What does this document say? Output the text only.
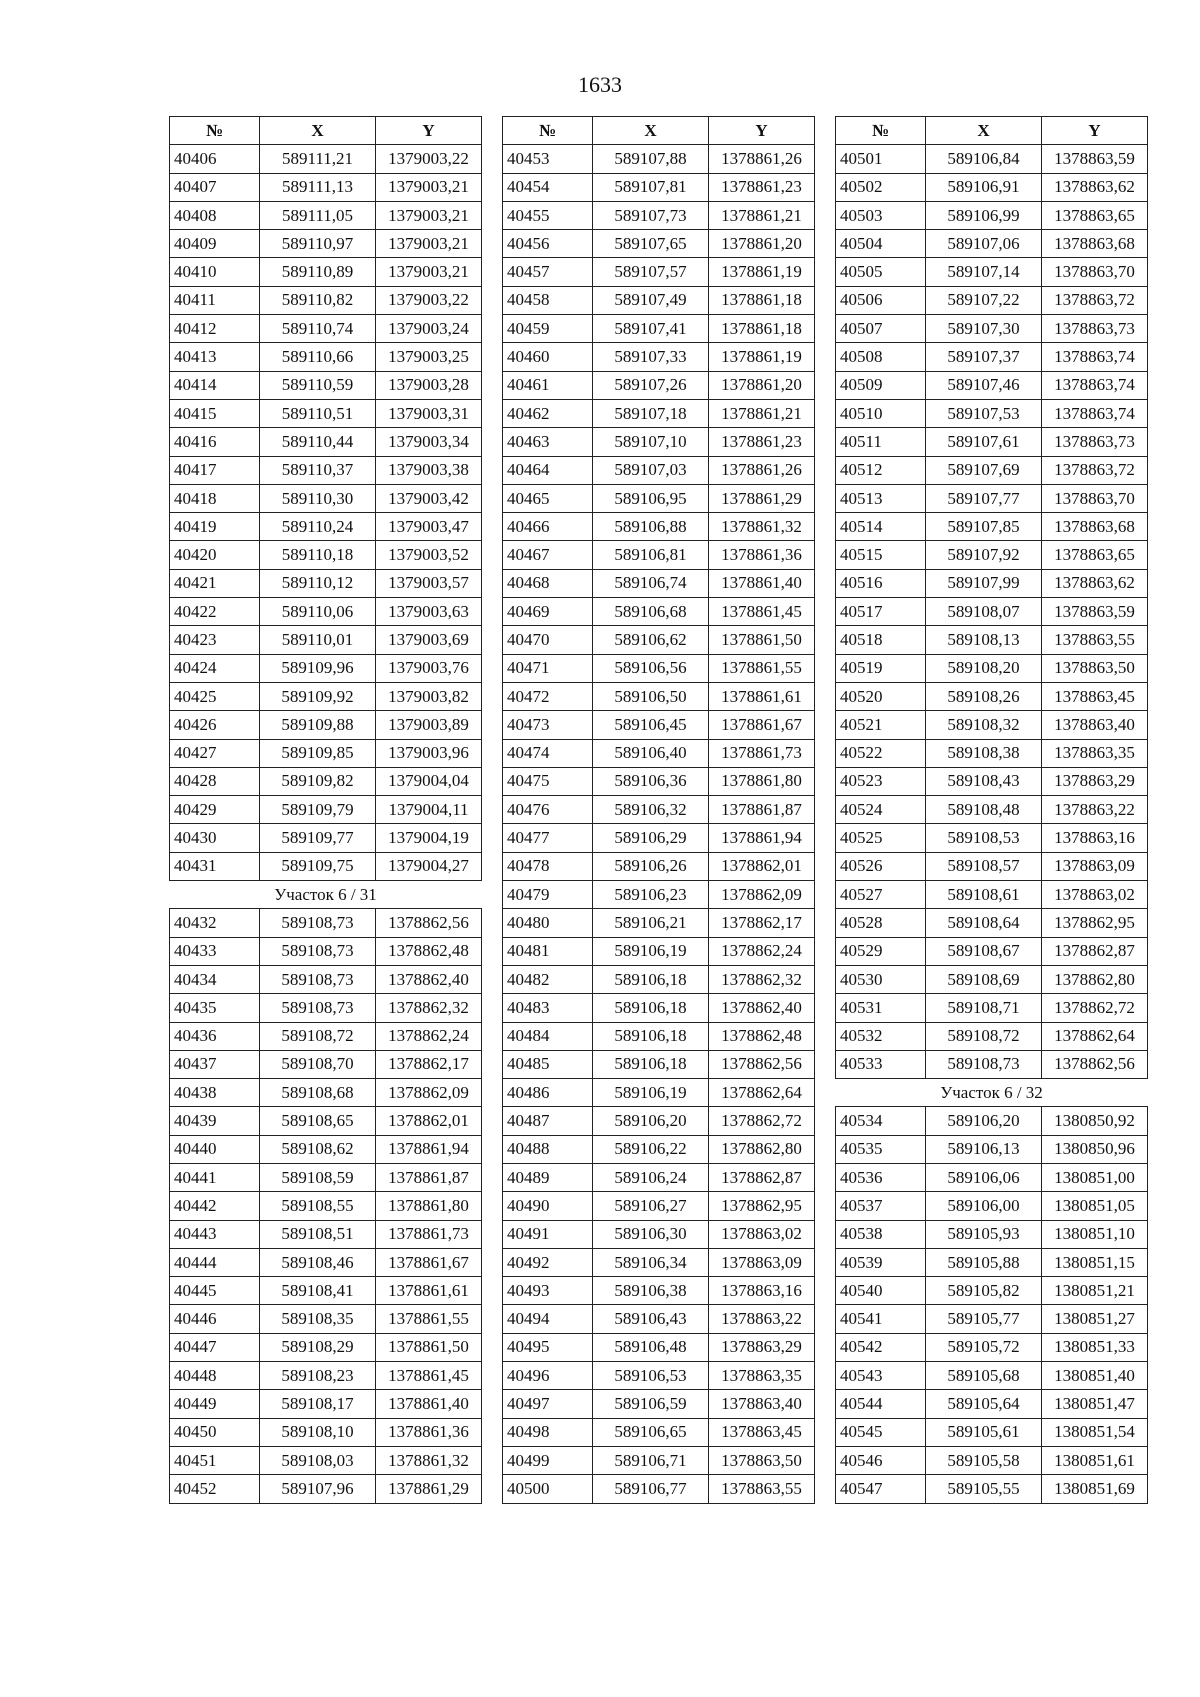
1633
№	X	Y
40406	589111,21	1379003,22
40407	589111,13	1379003,21
40408	589111,05	1379003,21
40409	589110,97	1379003,21
40410	589110,89	1379003,21
40411	589110,82	1379003,22
40412	589110,74	1379003,24
40413	589110,66	1379003,25
40414	589110,59	1379003,28
40415	589110,51	1379003,31
40416	589110,44	1379003,34
40417	589110,37	1379003,38
40418	589110,30	1379003,42
40419	589110,24	1379003,47
40420	589110,18	1379003,52
40421	589110,12	1379003,57
40422	589110,06	1379003,63
40423	589110,01	1379003,69
40424	589109,96	1379003,76
40425	589109,92	1379003,82
40426	589109,88	1379003,89
40427	589109,85	1379003,96
40428	589109,82	1379004,04
40429	589109,79	1379004,11
40430	589109,77	1379004,19
40431	589109,75	1379004,27
Участок 6 / 31		
40432	589108,73	1378862,56
40433	589108,73	1378862,48
40434	589108,73	1378862,40
40435	589108,73	1378862,32
40436	589108,72	1378862,24
40437	589108,70	1378862,17
40438	589108,68	1378862,09
40439	589108,65	1378862,01
40440	589108,62	1378861,94
40441	589108,59	1378861,87
40442	589108,55	1378861,80
40443	589108,51	1378861,73
40444	589108,46	1378861,67
40445	589108,41	1378861,61
40446	589108,35	1378861,55
40447	589108,29	1378861,50
40448	589108,23	1378861,45
40449	589108,17	1378861,40
40450	589108,10	1378861,36
40451	589108,03	1378861,32
40452	589107,96	1378861,29
№	X	Y
40453	589107,88	1378861,26
40454	589107,81	1378861,23
40455	589107,73	1378861,21
40456	589107,65	1378861,20
40457	589107,57	1378861,19
40458	589107,49	1378861,18
40459	589107,41	1378861,18
40460	589107,33	1378861,19
40461	589107,26	1378861,20
40462	589107,18	1378861,21
40463	589107,10	1378861,23
40464	589107,03	1378861,26
40465	589106,95	1378861,29
40466	589106,88	1378861,32
40467	589106,81	1378861,36
40468	589106,74	1378861,40
40469	589106,68	1378861,45
40470	589106,62	1378861,50
40471	589106,56	1378861,55
40472	589106,50	1378861,61
40473	589106,45	1378861,67
40474	589106,40	1378861,73
40475	589106,36	1378861,80
40476	589106,32	1378861,87
40477	589106,29	1378861,94
40478	589106,26	1378862,01
40479	589106,23	1378862,09
40480	589106,21	1378862,17
40481	589106,19	1378862,24
40482	589106,18	1378862,32
40483	589106,18	1378862,40
40484	589106,18	1378862,48
40485	589106,18	1378862,56
40486	589106,19	1378862,64
40487	589106,20	1378862,72
40488	589106,22	1378862,80
40489	589106,24	1378862,87
40490	589106,27	1378862,95
40491	589106,30	1378863,02
40492	589106,34	1378863,09
40493	589106,38	1378863,16
40494	589106,43	1378863,22
40495	589106,48	1378863,29
40496	589106,53	1378863,35
40497	589106,59	1378863,40
40498	589106,65	1378863,45
40499	589106,71	1378863,50
40500	589106,77	1378863,55
№	X	Y
40501	589106,84	1378863,59
40502	589106,91	1378863,62
40503	589106,99	1378863,65
40504	589107,06	1378863,68
40505	589107,14	1378863,70
40506	589107,22	1378863,72
40507	589107,30	1378863,73
40508	589107,37	1378863,74
40509	589107,46	1378863,74
40510	589107,53	1378863,74
40511	589107,61	1378863,73
40512	589107,69	1378863,72
40513	589107,77	1378863,70
40514	589107,85	1378863,68
40515	589107,92	1378863,65
40516	589107,99	1378863,62
40517	589108,07	1378863,59
40518	589108,13	1378863,55
40519	589108,20	1378863,50
40520	589108,26	1378863,45
40521	589108,32	1378863,40
40522	589108,38	1378863,35
40523	589108,43	1378863,29
40524	589108,48	1378863,22
40525	589108,53	1378863,16
40526	589108,57	1378863,09
40527	589108,61	1378863,02
40528	589108,64	1378862,95
40529	589108,67	1378862,87
40530	589108,69	1378862,80
40531	589108,71	1378862,72
40532	589108,72	1378862,64
40533	589108,73	1378862,56
Участок 6 / 32		
40534	589106,20	1380850,92
40535	589106,13	1380850,96
40536	589106,06	1380851,00
40537	589106,00	1380851,05
40538	589105,93	1380851,10
40539	589105,88	1380851,15
40540	589105,82	1380851,21
40541	589105,77	1380851,27
40542	589105,72	1380851,33
40543	589105,68	1380851,40
40544	589105,64	1380851,47
40545	589105,61	1380851,54
40546	589105,58	1380851,61
40547	589105,55	1380851,69
